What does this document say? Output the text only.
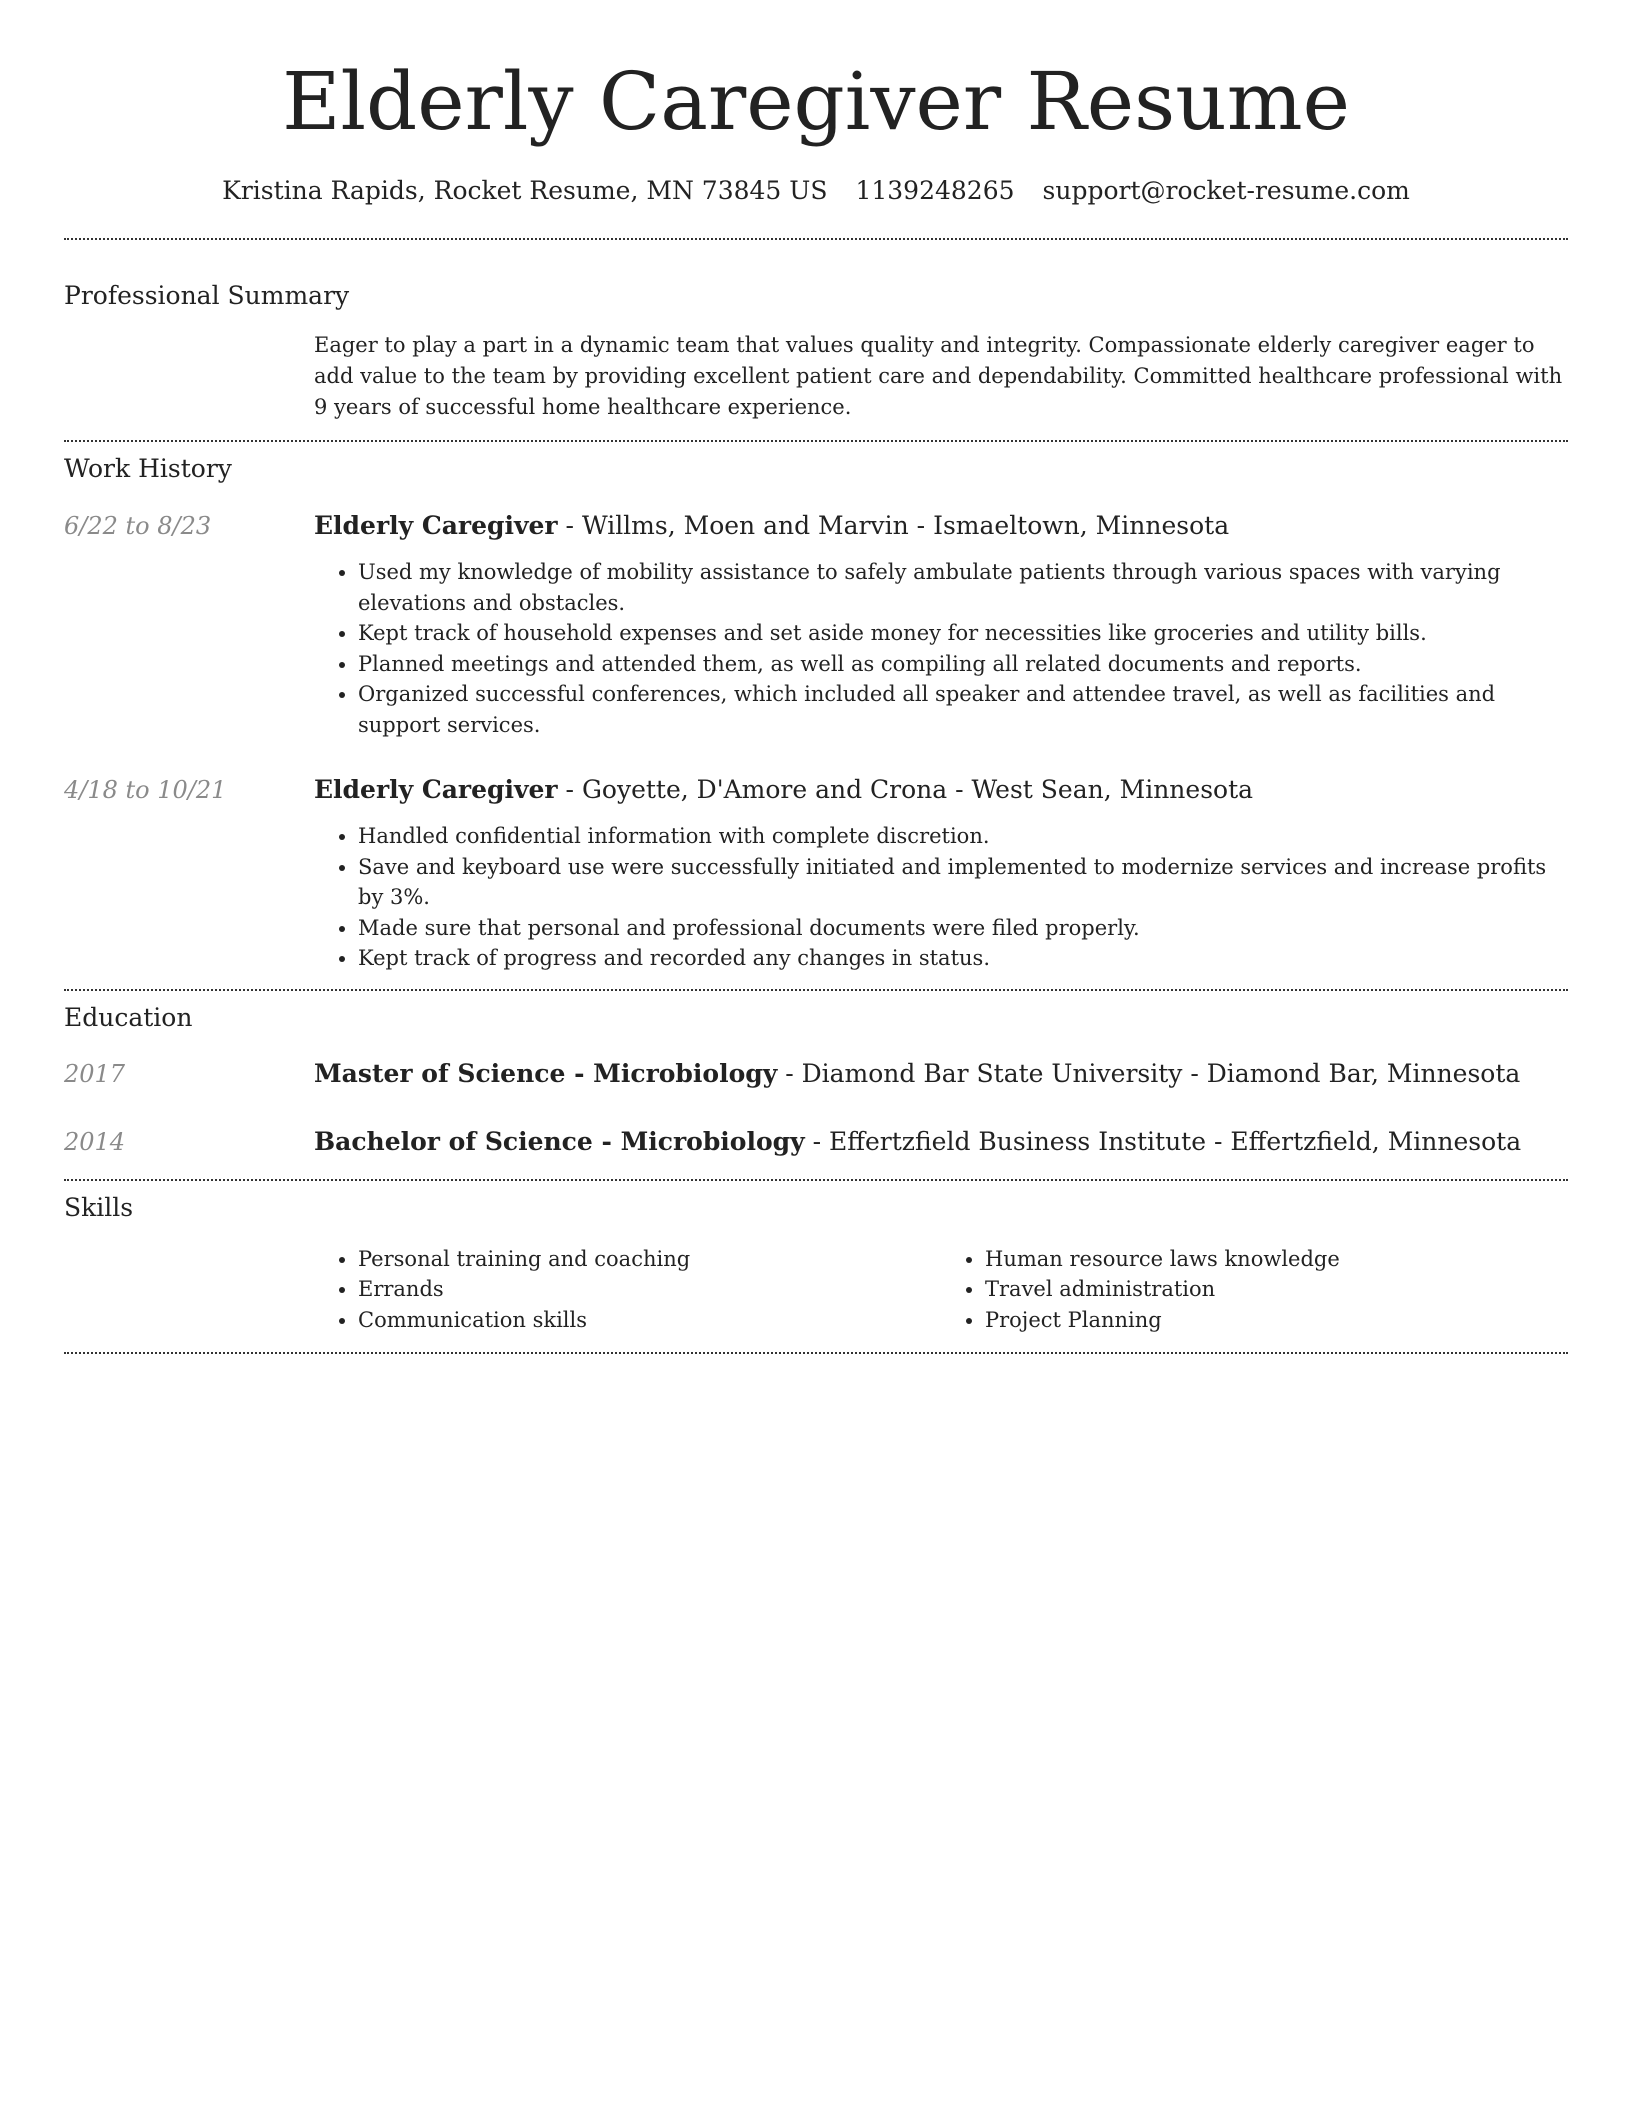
Elderly Caregiver Resume
Kristina Rapids, Rocket Resume, MN 73845 US 1139248265 support@rocket-resume.com
Professional Summary
Eager to play a part in a dynamic team that values quality and integrity. Compassionate elderly caregiver eager to add value to the team by providing excellent patient care and dependability. Committed healthcare professional with 9 years of successful home healthcare experience.
Work History
6/22 to 8/23	Elderly Caregiver - Willms, Moen and Marvin - Ismaeltown, Minnesota
• Used my knowledge of mobility assistance to safely ambulate patients through various spaces with varying elevations and obstacles.
• Kept track of household expenses and set aside money for necessities like groceries and utility bills.
• Planned meetings and attended them, as well as compiling all related documents and reports.
• Organized successful conferences, which included all speaker and attendee travel, as well as facilities and support services.
4/18 to 10/21	Elderly Caregiver - Goyette, D'Amore and Crona - West Sean, Minnesota
• Handled confidential information with complete discretion.
• Save and keyboard use were successfully initiated and implemented to modernize services and increase profits by 3%.
• Made sure that personal and professional documents were filed properly.
• Kept track of progress and recorded any changes in status.
Education
2017	Master of Science - Microbiology - Diamond Bar State University - Diamond Bar, Minnesota
2014	Bachelor of Science - Microbiology - Effertzfield Business Institute - Effertzfield, Minnesota
Skills
• Personal training and coaching
• Errands
• Communication skills
• Human resource laws knowledge
• Travel administration
• Project Planning
